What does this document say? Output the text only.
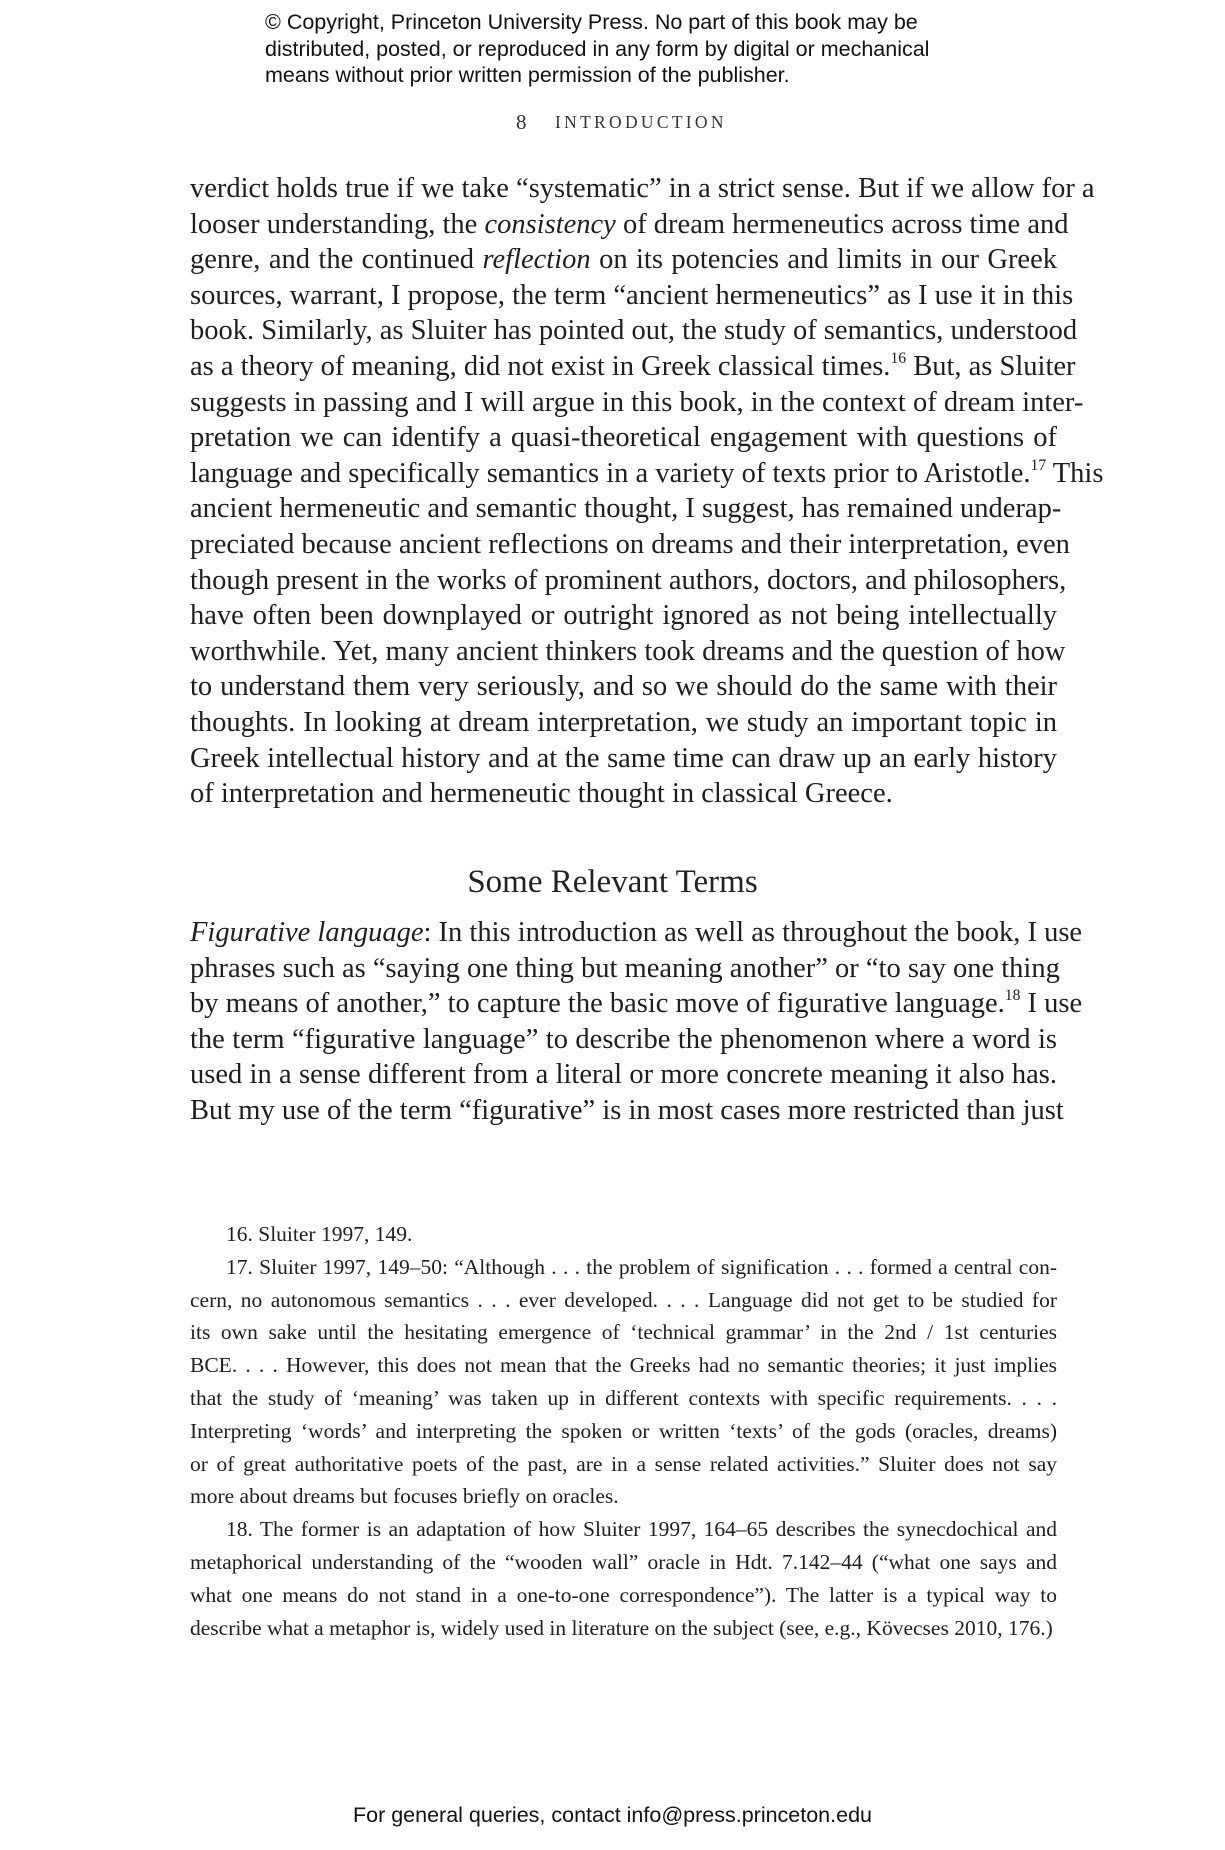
© Copyright, Princeton University Press. No part of this book may be
distributed, posted, or reproduced in any form by digital or mechanical
means without prior written permission of the publisher.
8 INTRODUCTION
verdict holds true if we take “systematic” in a strict sense. But if we allow for a
looser understanding, the consistency of dream hermeneutics across time and
genre, and the continued reflection on its potencies and limits in our Greek
sources, warrant, I propose, the term “ancient hermeneutics” as I use it in this
book. Similarly, as Sluiter has pointed out, the study of semantics, understood
as a theory of meaning, did not exist in Greek classical times.$^{16}$ But, as Sluiter
suggests in passing and I will argue in this book, in the context of dream inter-
pretation we can identify a quasi-theoretical engagement with questions of
language and specifically semantics in a variety of texts prior to Aristotle.$^{17}$ This
ancient hermeneutic and semantic thought, I suggest, has remained underap-
preciated because ancient reflections on dreams and their interpretation, even
though present in the works of prominent authors, doctors, and philosophers,
have often been downplayed or outright ignored as not being intellectually
worthwhile. Yet, many ancient thinkers took dreams and the question of how
to understand them very seriously, and so we should do the same with their
thoughts. In looking at dream interpretation, we study an important topic in
Greek intellectual history and at the same time can draw up an early history
of interpretation and hermeneutic thought in classical Greece.
Some Relevant Terms
Figurative language: In this introduction as well as throughout the book, I use
phrases such as “saying one thing but meaning another” or “to say one thing
by means of another,” to capture the basic move of figurative language.$^{18}$ I use
the term “figurative language” to describe the phenomenon where a word is
used in a sense different from a literal or more concrete meaning it also has.
But my use of the term “figurative” is in most cases more restricted than just
16. Sluiter 1997, 149.
17. Sluiter 1997, 149–50: “Although . . . the problem of signification . . . formed a central con-
cern, no autonomous semantics . . . ever developed. . . . Language did not get to be studied for
its own sake until the hesitating emergence of ‘technical grammar’ in the 2nd / 1st centuries
BCE. . . . However, this does not mean that the Greeks had no semantic theories; it just implies
that the study of ‘meaning’ was taken up in different contexts with specific requirements. . . .
Interpreting ‘words’ and interpreting the spoken or written ‘texts’ of the gods (oracles, dreams)
or of great authoritative poets of the past, are in a sense related activities.” Sluiter does not say
more about dreams but focuses briefly on oracles.
18. The former is an adaptation of how Sluiter 1997, 164–65 describes the synecdochical and
metaphorical understanding of the “wooden wall” oracle in Hdt. 7.142–44 (“what one says and
what one means do not stand in a one-to-one correspondence”). The latter is a typical way to
describe what a metaphor is, widely used in literature on the subject (see, e.g., Kövecses 2010, 176.)
For general queries, contact info@press.princeton.edu
